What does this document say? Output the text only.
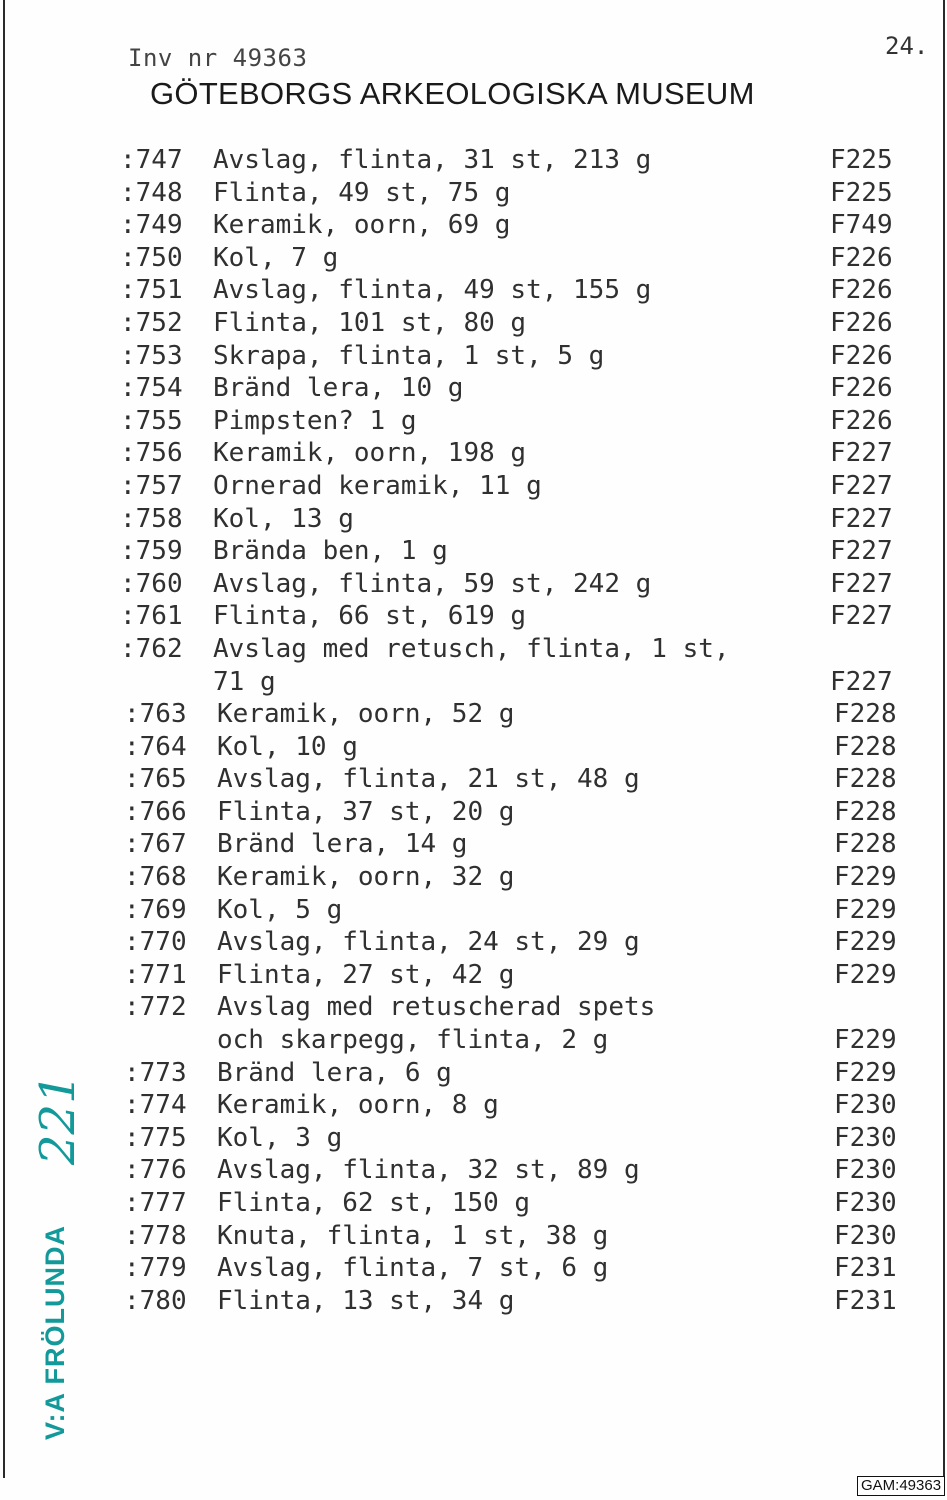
Inv nr 49363	24.
GÖTEBORGS ARKEOLOGISKA MUSEUM
:747 Avslag, flinta, 31 st, 213 g	F225
:748 Flinta, 49 st, 75 g	F225
:749 Keramik, oorn, 69 g	F749
:750 Kol, 7 g	F226
:751 Avslag, flinta, 49 st, 155 g	F226
:752 Flinta, 101 st, 80 g	F226
:753 Skrapa, flinta, 1 st, 5 g	F226
:754 Bränd lera, 10 g	F226
:755 Pimpsten? 1 g	F226
:756 Keramik, oorn, 198 g	F227
:757 Ornerad keramik, 11 g	F227
:758 Kol, 13 g	F227
:759 Brända ben, 1 g	F227
:760 Avslag, flinta, 59 st, 242 g	F227
:761 Flinta, 66 st, 619 g	F227
:762 Avslag med retusch, flinta, 1 st,
71 g	F227
:763 Keramik, oorn, 52 g	F228
:764 Kol, 10 g	F228
:765 Avslag, flinta, 21 st, 48 g	F228
:766 Flinta, 37 st, 20 g	F228
:767 Bränd lera, 14 g	F228
:768 Keramik, oorn, 32 g	F229
:769 Kol, 5 g	F229
:770 Avslag, flinta, 24 st, 29 g	F229
:771 Flinta, 27 st, 42 g	F229
:772 Avslag med retuscherad spets
och skarpegg, flinta, 2 g	F229
:773 Bränd lera, 6 g	F229
:774 Keramik, oorn, 8 g	F230
:775 Kol, 3 g	F230
:776 Avslag, flinta, 32 st, 89 g	F230
:777 Flinta, 62 st, 150 g	F230
:778 Knuta, flinta, 1 st, 38 g	F230
:779 Avslag, flinta, 7 st, 6 g	F231
:780 Flinta, 13 st, 34 g	F231
221
V:A FRÖLUNDA
GAM:49363
